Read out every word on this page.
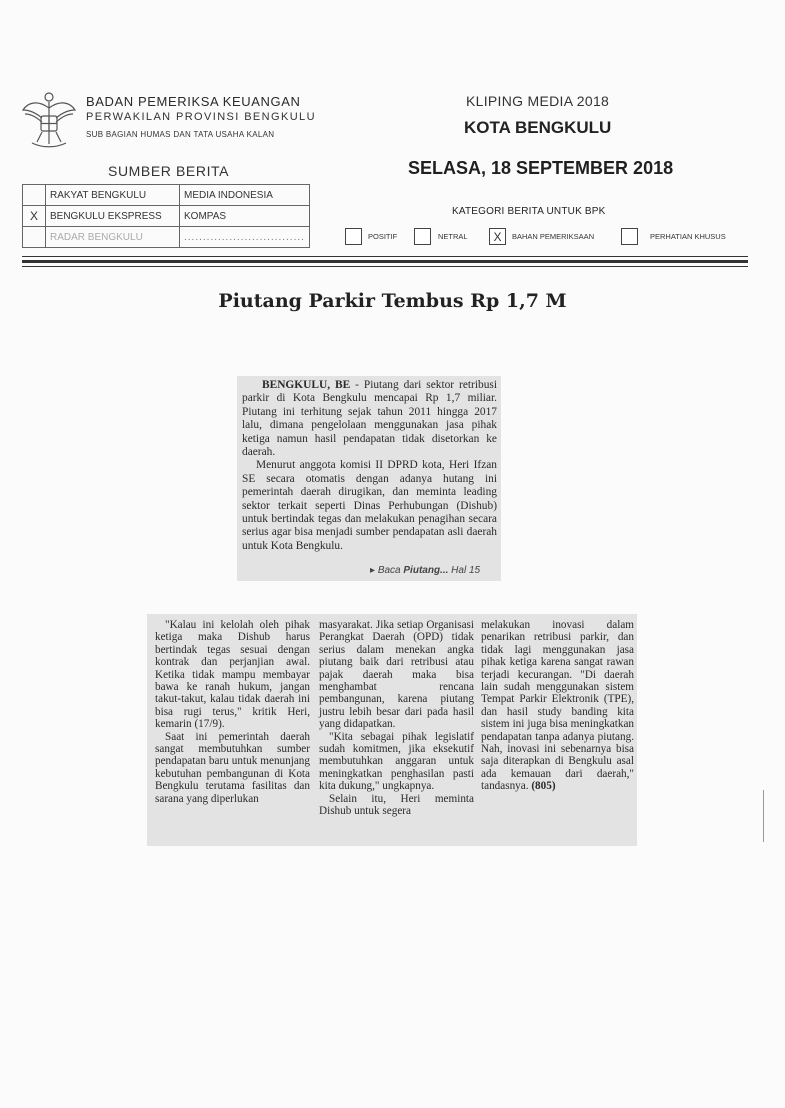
BADAN PEMERIKSA KEUANGAN
PERWAKILAN PROVINSI BENGKULU
SUB BAGIAN HUMAS DAN TATA USAHA KALAN
KLIPING MEDIA 2018
KOTA BENGKULU
SUMBER BERITA	SELASA, 18 SEPTEMBER 2018
	RAKYAT BENGKULU	MEDIA INDONESIA
X	BENGKULU EKSPRESS	KOMPAS
	RADAR BENGKULU	................................
KATEGORI BERITA UNTUK BPK
POSITIF	NETRAL	X	BAHAN PEMERIKSAAN	PERHATIAN KHUSUS
Piutang Parkir Tembus Rp 1,7 M

BENGKULU, BE - Piutang dari sektor retribusi parkir di Kota Bengkulu mencapai Rp 1,7 miliar. Piutang ini terhitung sejak tahun 2011 hingga 2017 lalu, dimana pengelolaan menggunakan jasa pihak ketiga namun hasil pendapatan tidak disetorkan ke daerah.

Menurut anggota komisi II DPRD kota, Heri Ifzan SE secara otomatis dengan adanya hutang ini pemerintah daerah dirugikan, dan meminta leading sektor terkait seperti Dinas Perhubungan (Dishub) untuk bertindak tegas dan melakukan penagihan secara serius agar bisa menjadi sumber pendapatan asli daerah untuk Kota Bengkulu.

▸ Baca Piutang... Hal 15

"Kalau ini kelolah oleh pihak ketiga maka Dishub harus bertindak tegas sesuai dengan kontrak dan perjanjian awal. Ketika tidak mampu membayar bawa ke ranah hukum, jangan takut-takut, kalau tidak daerah ini bisa rugi terus," kritik Heri, kemarin (17/9).

Saat ini pemerintah daerah sangat membutuhkan sumber pendapatan baru untuk menunjang kebutuhan pembangunan di Kota Bengkulu terutama fasilitas dan sarana yang diperlukan

masyarakat. Jika setiap Organisasi Perangkat Daerah (OPD) tidak serius dalam menekan angka piutang baik dari retribusi atau pajak daerah maka bisa menghambat rencana pembangunan, karena piutang justru lebih besar dari pada hasil yang didapatkan.

"Kita sebagai pihak legislatif sudah komitmen, jika eksekutif membutuhkan anggaran untuk meningkatkan penghasilan pasti kita dukung," ungkapnya.

Selain itu, Heri meminta Dishub untuk segera

melakukan inovasi dalam penarikan retribusi parkir, dan tidak lagi menggunakan jasa pihak ketiga karena sangat rawan terjadi kecurangan. "Di daerah lain sudah menggunakan sistem Tempat Parkir Elektronik (TPE), dan hasil study banding kita sistem ini juga bisa meningkatkan pendapatan tanpa adanya piutang. Nah, inovasi ini sebenarnya bisa saja diterapkan di Bengkulu asal ada kemauan dari daerah," tandasnya. (805)
